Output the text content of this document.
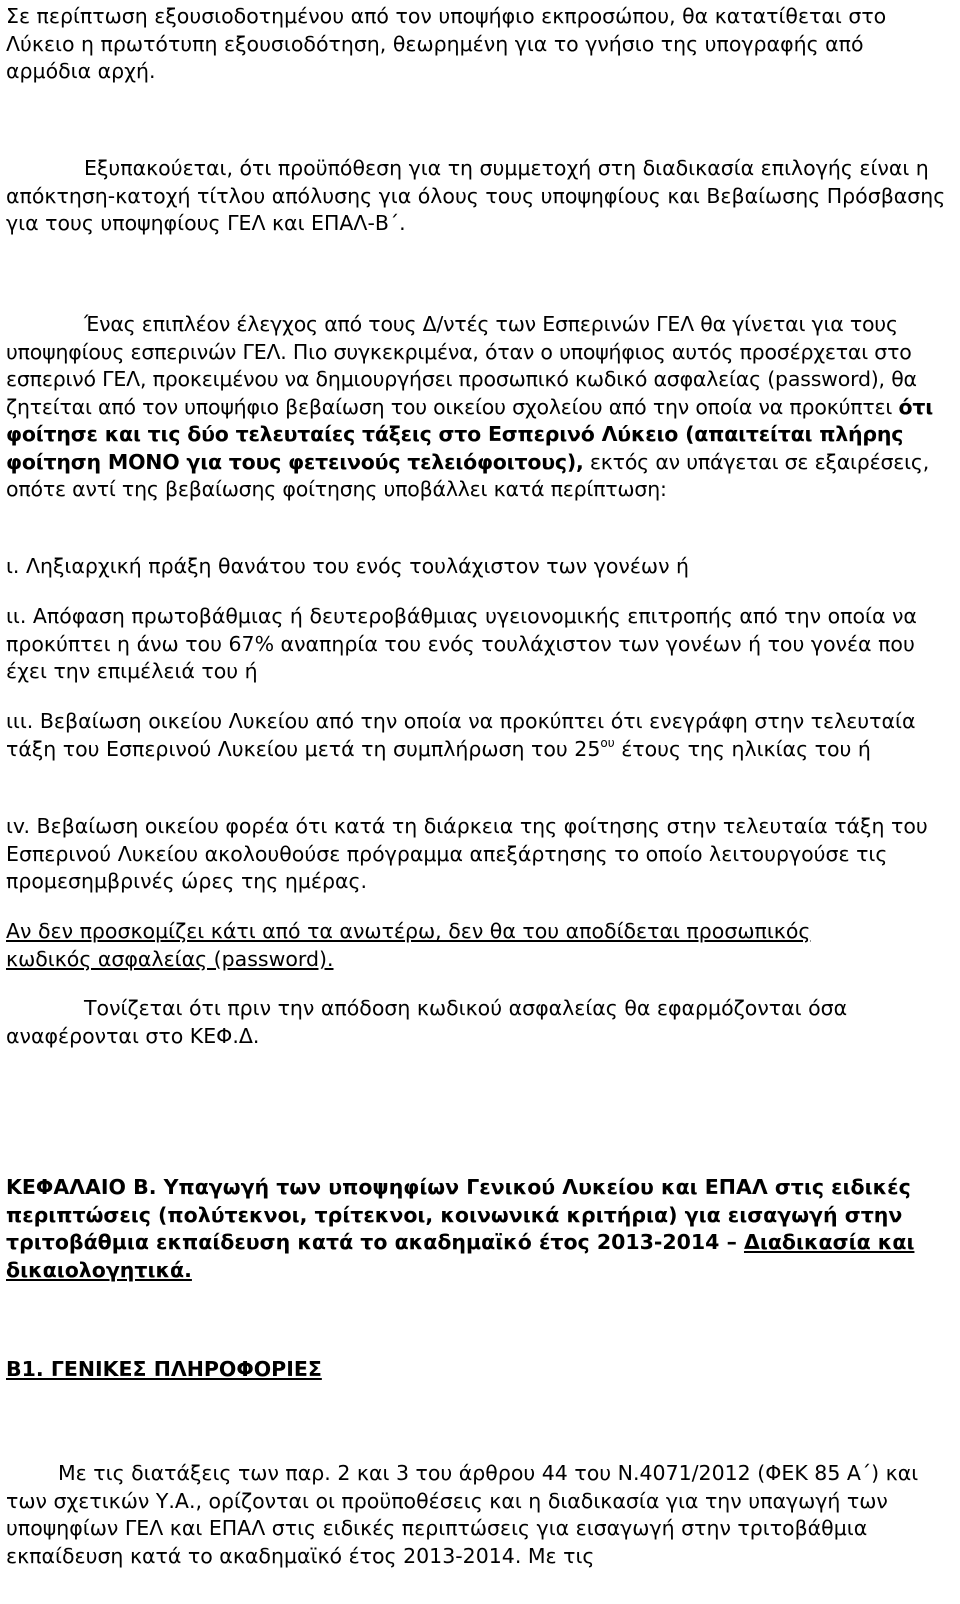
Σε περίπτωση εξουσιοδοτημένου από τον υποψήφιο εκπροσώπου, θα κατατίθεται στο Λύκειο η πρωτότυπη εξουσιοδότηση, θεωρημένη για το γνήσιο της υπογραφής από αρμόδια αρχή.

Εξυπακούεται, ότι προϋπόθεση για τη συμμετοχή στη διαδικασία επιλογής είναι η απόκτηση-κατοχή τίτλου απόλυσης για όλους τους υποψηφίους και Βεβαίωσης Πρόσβασης για τους υποψηφίους ΓΕΛ και ΕΠΑΛ-Β΄.

Ένας επιπλέον έλεγχος από τους Δ/ντές των Εσπερινών ΓΕΛ θα γίνεται για τους υποψηφίους εσπερινών ΓΕΛ. Πιο συγκεκριμένα, όταν ο υποψήφιος αυτός προσέρχεται στο εσπερινό ΓΕΛ, προκειμένου να δημιουργήσει προσωπικό κωδικό ασφαλείας (password), θα ζητείται από τον υποψήφιο βεβαίωση του οικείου σχολείου από την οποία να προκύπτει ότι φοίτησε και τις δύο τελευταίες τάξεις στο Εσπερινό Λύκειο (απαιτείται πλήρης φοίτηση ΜΟΝΟ για τους φετεινούς τελειόφοιτους), εκτός αν υπάγεται σε εξαιρέσεις, οπότε αντί της βεβαίωσης φοίτησης υποβάλλει κατά περίπτωση:

ι. Ληξιαρχική πράξη θανάτου του ενός τουλάχιστον των γονέων ή

ιι. Απόφαση πρωτοβάθμιας ή δευτεροβάθμιας υγειονομικής επιτροπής από την οποία να προκύπτει η άνω του 67% αναπηρία του ενός τουλάχιστον των γονέων ή του γονέα που έχει την επιμέλειά του ή

ιιι. Βεβαίωση οικείου Λυκείου από την οποία να προκύπτει ότι ενεγράφη στην τελευταία τάξη του Εσπερινού Λυκείου μετά τη συμπλήρωση του $25^{o\upsilon}$ έτους της ηλικίας του ή

ιv. Βεβαίωση οικείου φορέα ότι κατά τη διάρκεια της φοίτησης στην τελευταία τάξη του Εσπερινού Λυκείου ακολουθούσε πρόγραμμα απεξάρτησης το οποίο λειτουργούσε τις προμεσημβρινές ώρες της ημέρας.

Αν δεν προσκομίζει κάτι από τα ανωτέρω, δεν θα του αποδίδεται προσωπικός κωδικός ασφαλείας (password).

Τονίζεται ότι πριν την απόδοση κωδικού ασφαλείας θα εφαρμόζονται όσα αναφέρονται στο ΚΕΦ.Δ.

ΚΕΦΑΛΑΙΟ Β. Υπαγωγή των υποψηφίων Γενικού Λυκείου και ΕΠΑΛ στις ειδικές περιπτώσεις (πολύτεκνοι, τρίτεκνοι, κοινωνικά κριτήρια) για εισαγωγή στην τριτοβάθμια εκπαίδευση κατά το ακαδημαϊκό έτος 2013-2014 – Διαδικασία και δικαιολογητικά.

Β1. ΓΕΝΙΚΕΣ ΠΛΗΡΟΦΟΡΙΕΣ

Με τις διατάξεις των παρ. 2 και 3 του άρθρου 44 του Ν.4071/2012 (ΦΕΚ 85 Α΄) και των σχετικών Υ.Α., ορίζονται οι προϋποθέσεις και η διαδικασία για την υπαγωγή των υποψηφίων ΓΕΛ και ΕΠΑΛ στις ειδικές περιπτώσεις για εισαγωγή στην τριτοβάθμια εκπαίδευση κατά το ακαδημαϊκό έτος 2013-2014. Με τις
